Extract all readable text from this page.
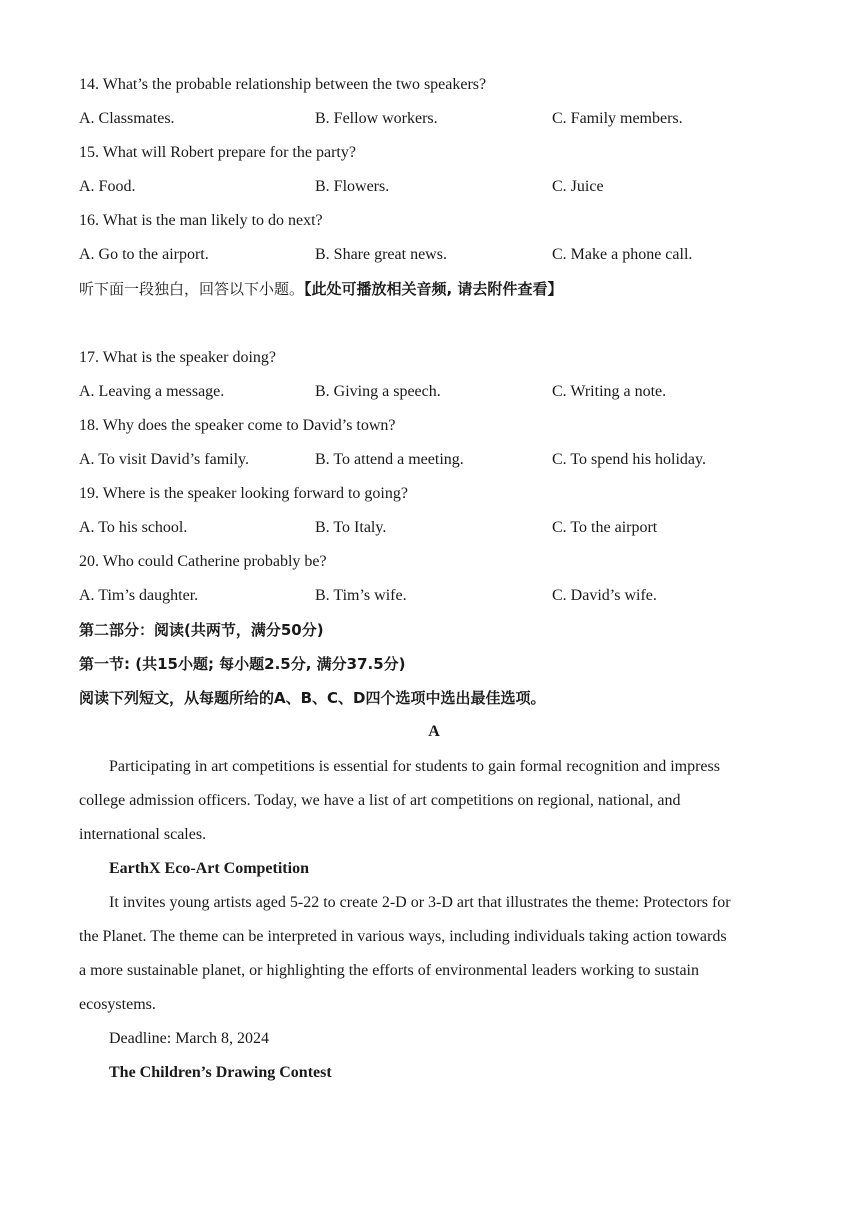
14. What’s the probable relationship between the two speakers?
A. Classmates.	B. Fellow workers.	C. Family members.
15. What will Robert prepare for the party?
A. Food.	B. Flowers.	C. Juice
16. What is the man likely to do next?
A. Go to the airport.	B. Share great news.	C. Make a phone call.
听下面一段独白，回答以下小题。【此处可播放相关音频, 请去附件查看】
17. What is the speaker doing?
A. Leaving a message.	B. Giving a speech.	C. Writing a note.
18. Why does the speaker come to David’s town?
A. To visit David’s family.	B. To attend a meeting.	C. To spend his holiday.
19. Where is the speaker looking forward to going?
A. To his school.	B. To Italy.	C. To the airport
20. Who could Catherine probably be?
A. Tim’s daughter.	B. Tim’s wife.	C. David’s wife.
第二部分：阅读(共两节，满分50分)
第一节: (共15小题; 每小题2.5分, 满分37.5分)
阅读下列短文，从每题所给的A、B、C、D四个选项中选出最佳选项。
A
Participating in art competitions is essential for students to gain formal recognition and impress
college admission officers. Today, we have a list of art competitions on regional, national, and
international scales.
EarthX Eco-Art Competition
It invites young artists aged 5-22 to create 2-D or 3-D art that illustrates the theme: Protectors for
the Planet. The theme can be interpreted in various ways, including individuals taking action towards
a more sustainable planet, or highlighting the efforts of environmental leaders working to sustain
ecosystems.
Deadline: March 8, 2024
The Children’s Drawing Contest
